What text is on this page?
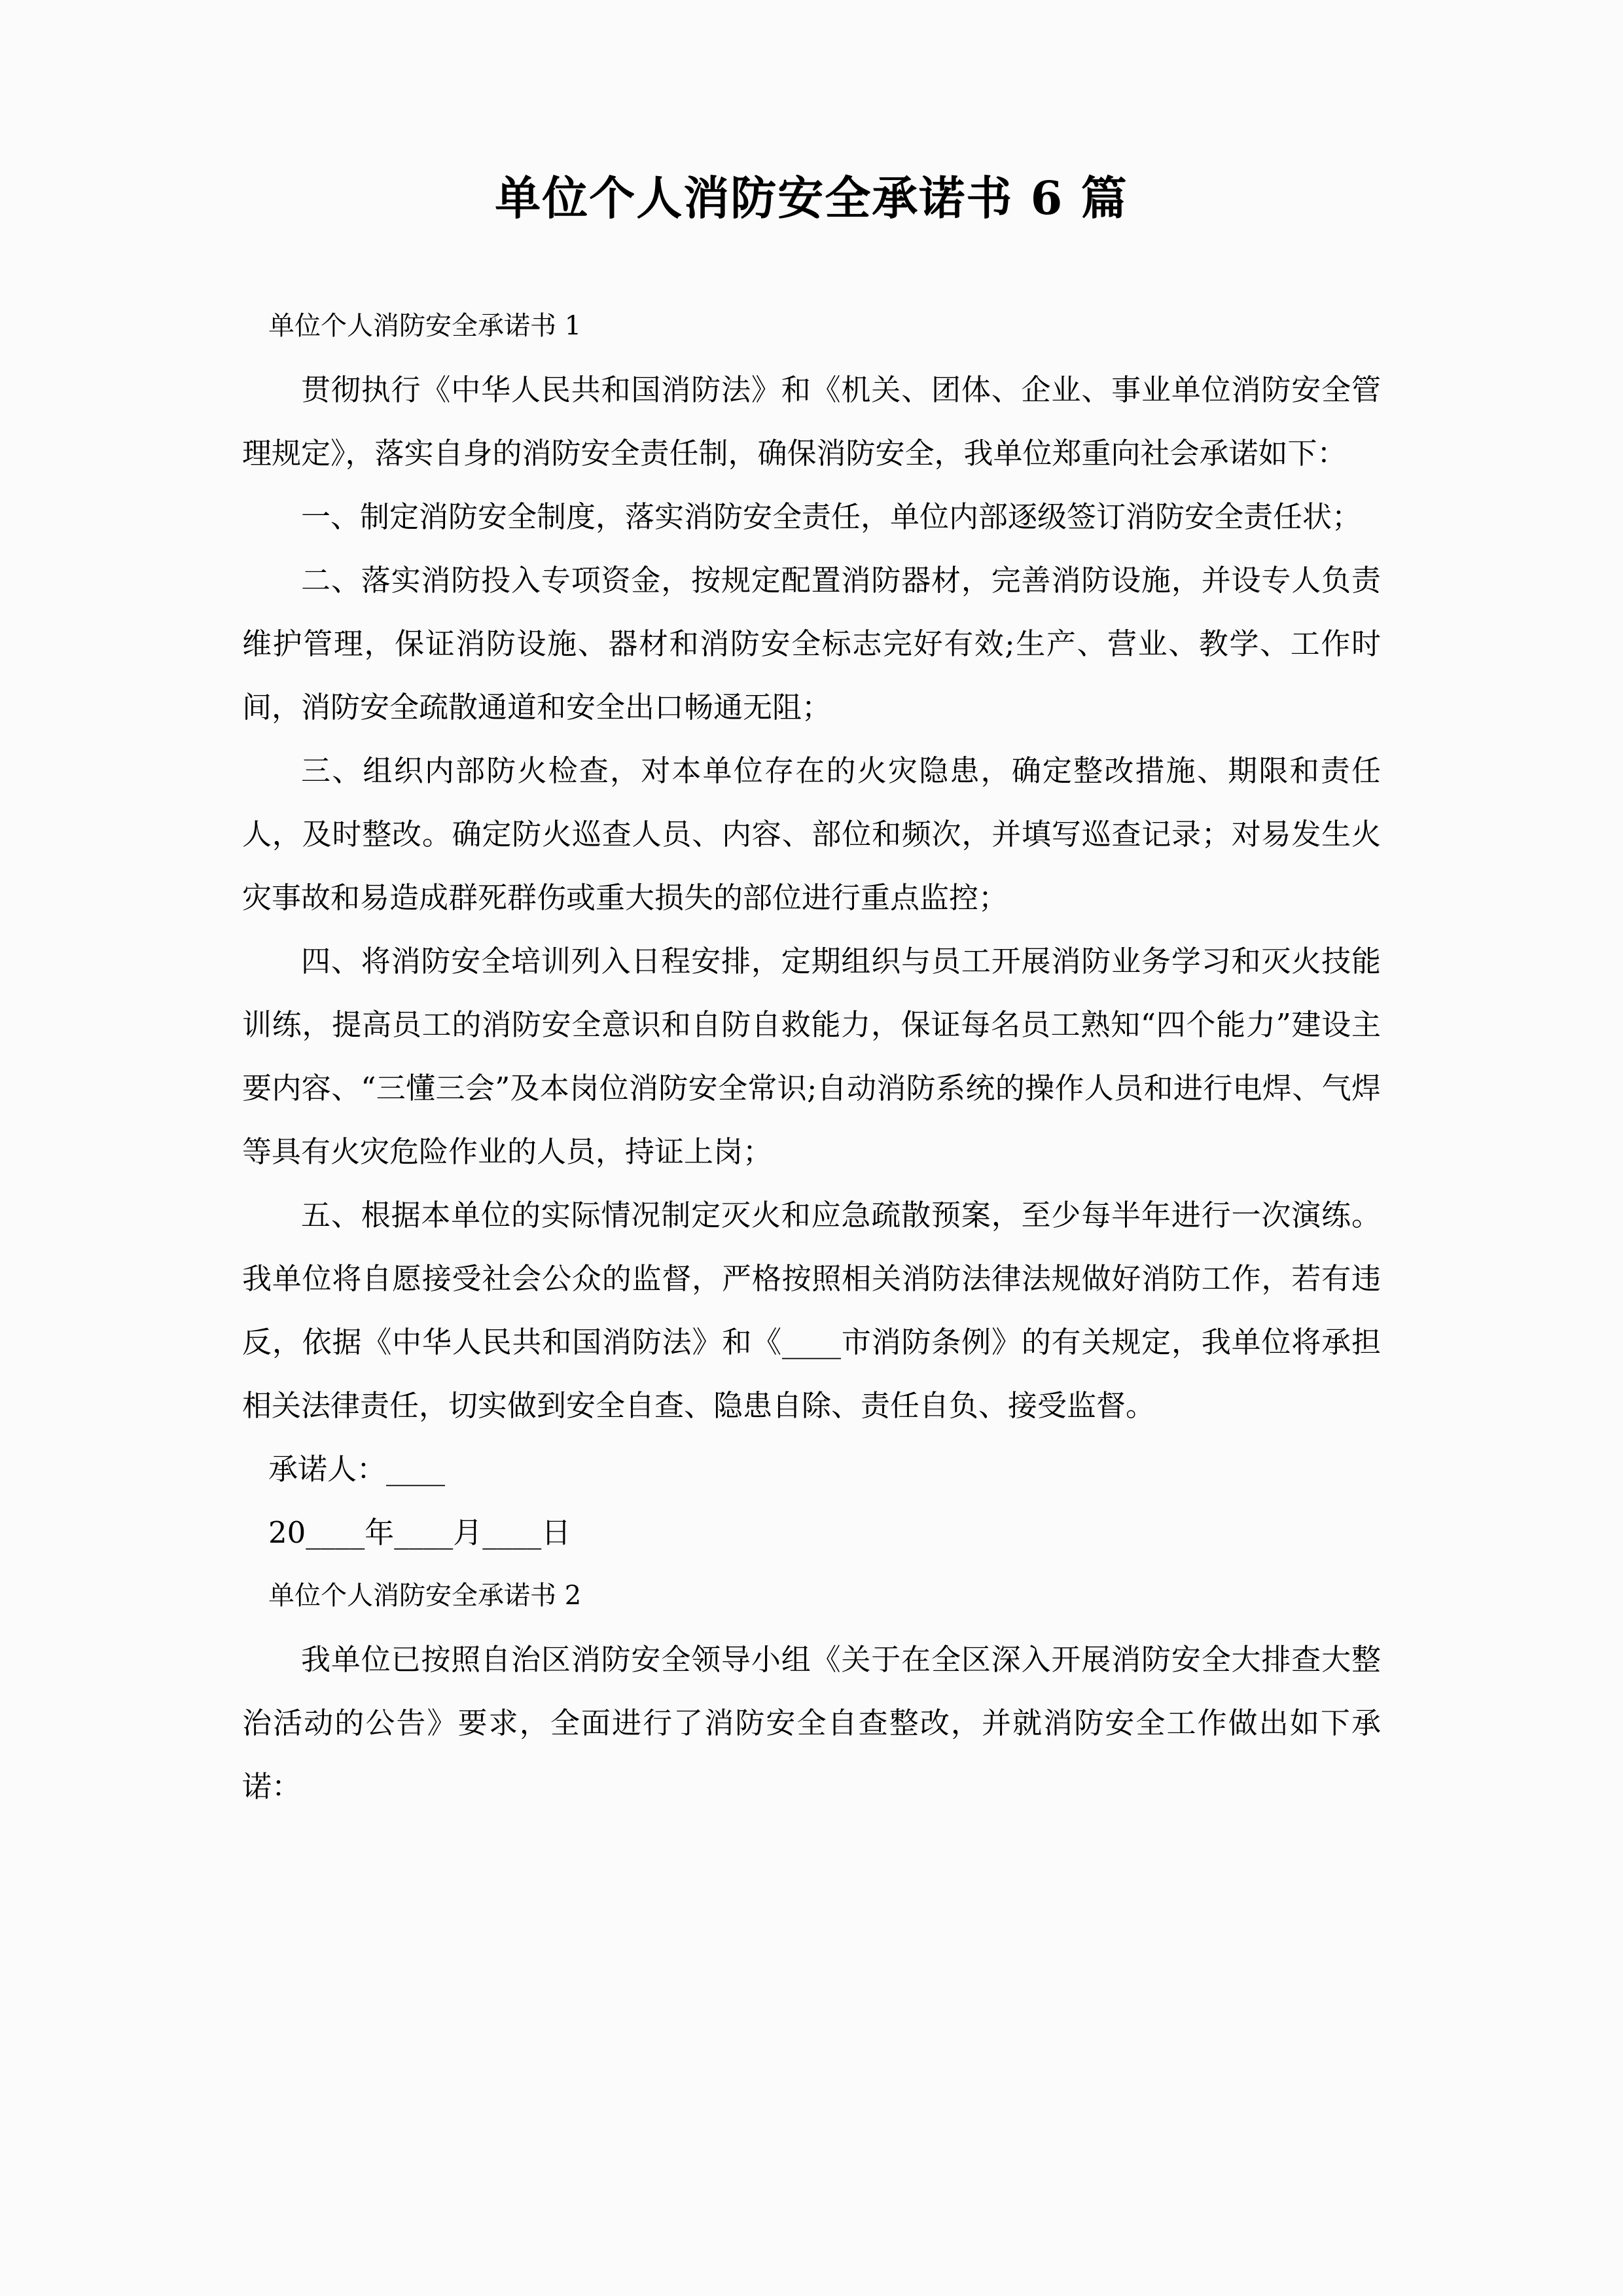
单位个人消防安全承诺书 6 篇

单位个人消防安全承诺书 1

贯彻执行《中华人民共和国消防法》和《机关、团体、企业、事业单位消防安全管理规定》，落实自身的消防安全责任制，确保消防安全，我单位郑重向社会承诺如下：

一、制定消防安全制度，落实消防安全责任，单位内部逐级签订消防安全责任状；

二、落实消防投入专项资金，按规定配置消防器材，完善消防设施，并设专人负责维护管理，保证消防设施、器材和消防安全标志完好有效;生产、营业、教学、工作时间，消防安全疏散通道和安全出口畅通无阻；

三、组织内部防火检查，对本单位存在的火灾隐患，确定整改措施、期限和责任人，及时整改。确定防火巡查人员、内容、部位和频次，并填写巡查记录；对易发生火灾事故和易造成群死群伤或重大损失的部位进行重点监控；

四、将消防安全培训列入日程安排，定期组织与员工开展消防业务学习和灭火技能训练，提高员工的消防安全意识和自防自救能力，保证每名员工熟知“四个能力”建设主要内容、“三懂三会”及本岗位消防安全常识;自动消防系统的操作人员和进行电焊、气焊等具有火灾危险作业的人员，持证上岗；

五、根据本单位的实际情况制定灭火和应急疏散预案，至少每半年进行一次演练。我单位将自愿接受社会公众的监督，严格按照相关消防法律法规做好消防工作，若有违反，依据《中华人民共和国消防法》和《____市消防条例》的有关规定，我单位将承担相关法律责任，切实做到安全自查、隐患自除、责任自负、接受监督。

承诺人：____

20____年____月____日

单位个人消防安全承诺书 2

我单位已按照自治区消防安全领导小组《关于在全区深入开展消防安全大排查大整治活动的公告》要求，全面进行了消防安全自查整改，并就消防安全工作做出如下承诺：
